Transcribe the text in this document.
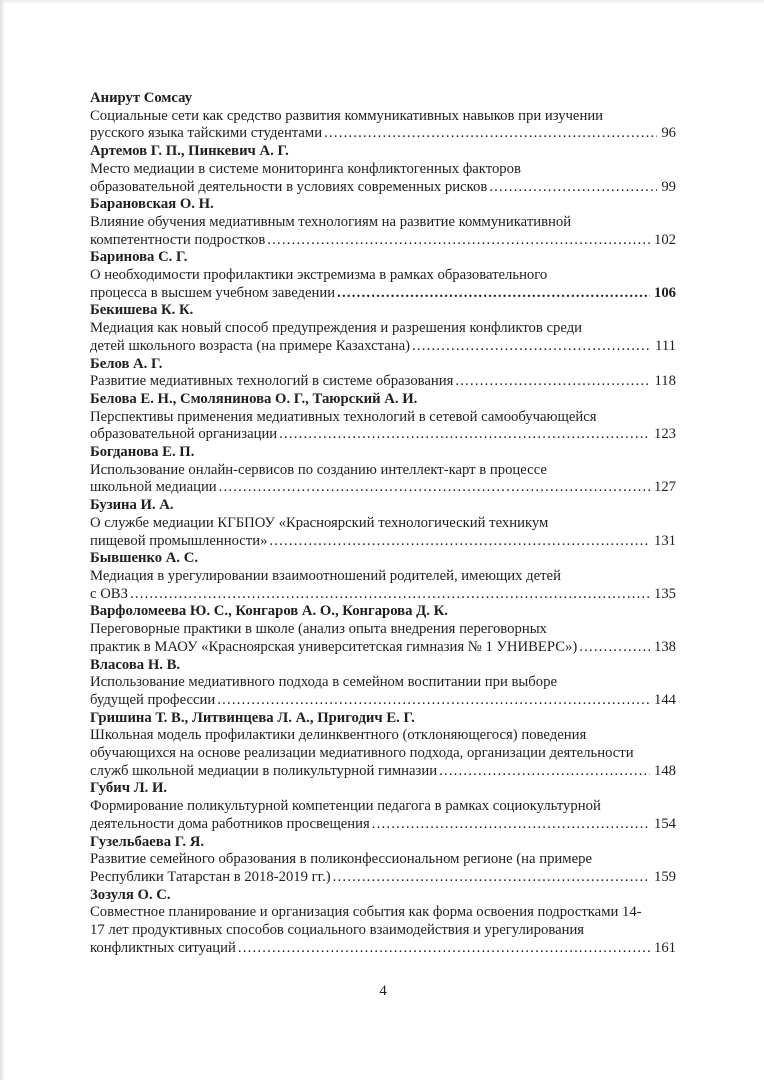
Анирут Сомсау
Социальные сети как средство развития коммуникативных навыков при изучении
русского языка тайскими студентами .....	96
Артемов Г. П., Пинкевич А. Г.
Место медиации в системе мониторинга конфликтогенных факторов
образовательной деятельности в условиях современных рисков .....	99
Барановская О. Н.
Влияние обучения медиативным технологиям на развитие коммуникативной
компетентности подростков .....	102
Баринова С. Г.
О необходимости профилактики экстремизма в рамках образовательного
процесса в высшем учебном заведении .....	106
Бекишева К. К.
Медиация как новый способ предупреждения и разрешения конфликтов среди
детей школьного возраста (на примере Казахстана) .....	111
Белов А. Г.
Развитие медиативных технологий в системе образования .....	118
Белова Е. Н., Смолянинова О. Г., Таюрский А. И.
Перспективы применения медиативных технологий в сетевой самообучающейся
образовательной организации .....	123
Богданова Е. П.
Использование онлайн-сервисов по созданию интеллект-карт в процессе
школьной медиации .....	127
Бузина И. А.
О службе медиации КГБПОУ «Красноярский технологический техникум
пищевой промышленности» .....	131
Бывшенко А. С.
Медиация в урегулировании взаимоотношений родителей, имеющих детей
с ОВЗ .....	135
Варфоломеева Ю. С., Конгаров А. О., Конгарова Д. К.
Переговорные практики в школе (анализ опыта внедрения переговорных
практик в МАОУ «Красноярская университетская гимназия № 1 УНИВЕРС») .....	138
Власова Н. В.
Использование медиативного подхода в семейном воспитании при выборе
будущей профессии .....	144
Гришина Т. В., Литвинцева Л. А., Пригодич Е. Г.
Школьная модель профилактики делинквентного (отклоняющегося) поведения
обучающихся на основе реализации медиативного подхода, организации деятельности
служб школьной медиации в поликультурной гимназии .....	148
Губич Л. И.
Формирование поликультурной компетенции педагога в рамках социокультурной
деятельности дома работников просвещения .....	154
Гузельбаева Г. Я.
Развитие семейного образования в поликонфессиональном регионе (на примере
Республики Татарстан в 2018-2019 гг.) .....	159
Зозуля О. С.
Совместное планирование и организация события как форма освоения подростками 14-
17 лет продуктивных способов социального взаимодействия и урегулирования
конфликтных ситуаций .....	161
4
